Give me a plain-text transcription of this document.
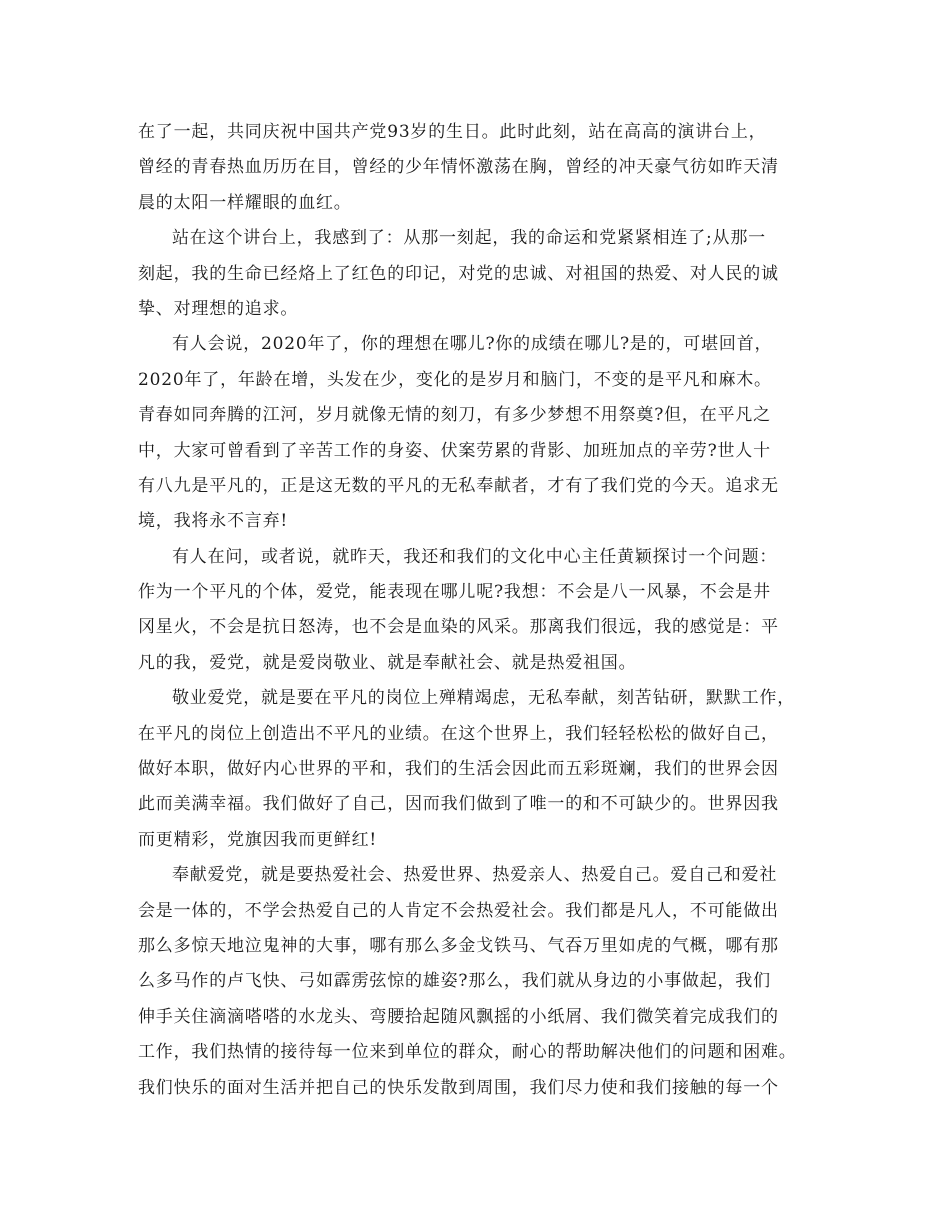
在了一起，共同庆祝中国共产党93岁的生日。此时此刻，站在高高的演讲台上，
曾经的青春热血历历在目，曾经的少年情怀激荡在胸，曾经的冲天豪气彷如昨天清
晨的太阳一样耀眼的血红。
站在这个讲台上，我感到了：从那一刻起，我的命运和党紧紧相连了;从那一
刻起，我的生命已经烙上了红色的印记，对党的忠诚、对祖国的热爱、对人民的诚
挚、对理想的追求。
有人会说，2020年了，你的理想在哪儿?你的成绩在哪儿?是的，可堪回首，
2020年了，年龄在增，头发在少，变化的是岁月和脑门，不变的是平凡和麻木。
青春如同奔腾的江河，岁月就像无情的刻刀，有多少梦想不用祭奠?但，在平凡之
中，大家可曾看到了辛苦工作的身姿、伏案劳累的背影、加班加点的辛劳?世人十
有八九是平凡的，正是这无数的平凡的无私奉献者，才有了我们党的今天。追求无
境，我将永不言弃!
有人在问，或者说，就昨天，我还和我们的文化中心主任黄颖探讨一个问题：
作为一个平凡的个体，爱党，能表现在哪儿呢?我想：不会是八一风暴，不会是井
冈星火，不会是抗日怒涛，也不会是血染的风采。那离我们很远，我的感觉是：平
凡的我，爱党，就是爱岗敬业、就是奉献社会、就是热爱祖国。
敬业爱党，就是要在平凡的岗位上殚精竭虑，无私奉献，刻苦钻研，默默工作，
在平凡的岗位上创造出不平凡的业绩。在这个世界上，我们轻轻松松的做好自己，
做好本职，做好内心世界的平和，我们的生活会因此而五彩斑斓，我们的世界会因
此而美满幸福。我们做好了自己，因而我们做到了唯一的和不可缺少的。世界因我
而更精彩，党旗因我而更鲜红!
奉献爱党，就是要热爱社会、热爱世界、热爱亲人、热爱自己。爱自己和爱社
会是一体的，不学会热爱自己的人肯定不会热爱社会。我们都是凡人，不可能做出
那么多惊天地泣鬼神的大事，哪有那么多金戈铁马、气吞万里如虎的气概，哪有那
么多马作的卢飞快、弓如霹雳弦惊的雄姿?那么，我们就从身边的小事做起，我们
伸手关住滴滴嗒嗒的水龙头、弯腰拾起随风飘摇的小纸屑、我们微笑着完成我们的
工作，我们热情的接待每一位来到单位的群众，耐心的帮助解决他们的问题和困难。
我们快乐的面对生活并把自己的快乐发散到周围，我们尽力使和我们接触的每一个
